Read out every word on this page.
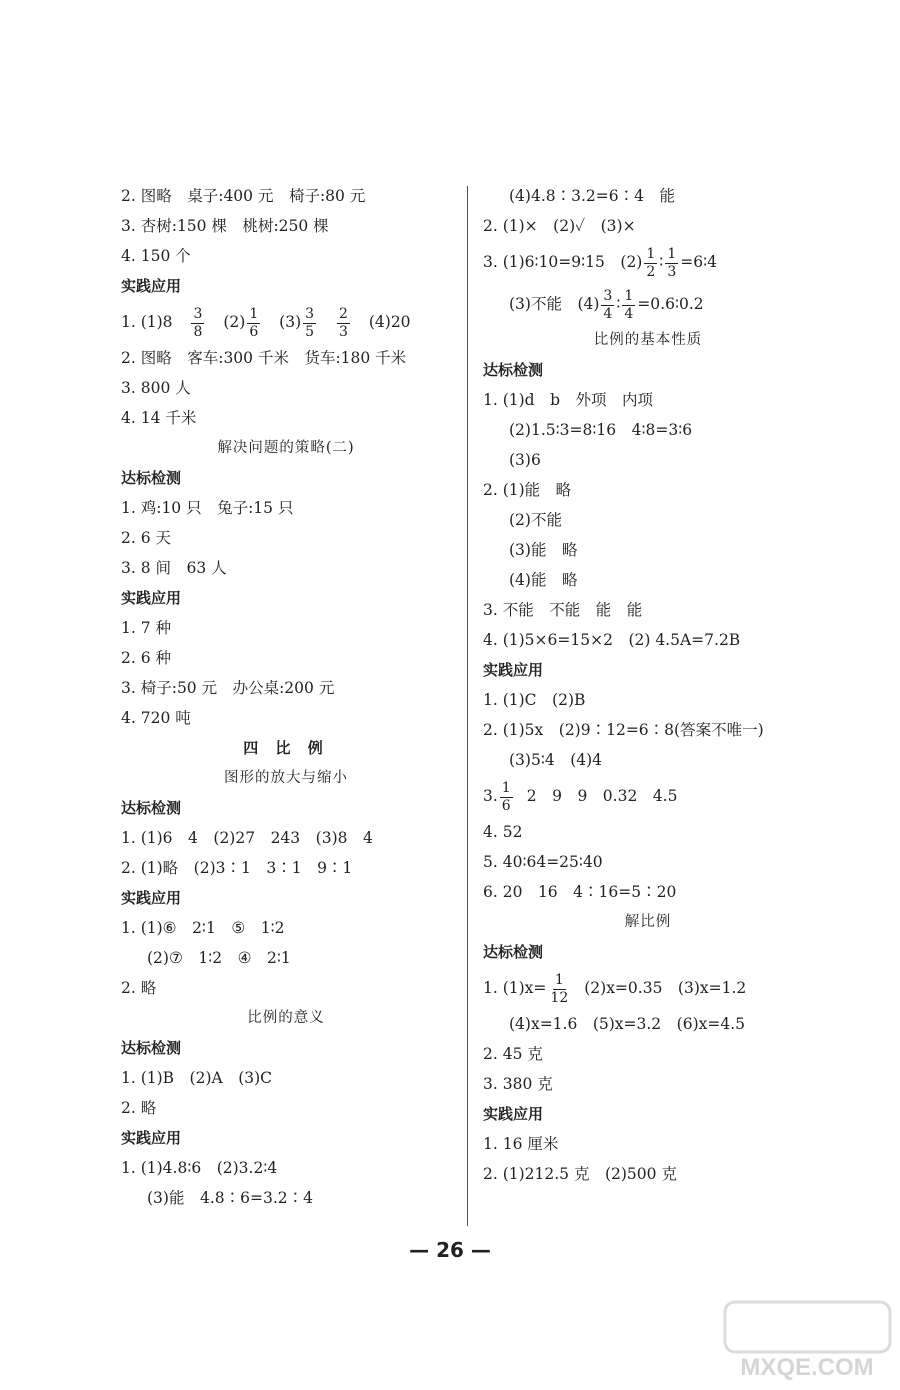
2. 图略　桌子:400 元　椅子:80 元
3. 杏树:150 棵　桃树:250 棵
4. 150 个
实践应用
1. $(1)8 \frac{3}{8} (2) \frac{1}{6} (3) \frac{3}{5}$
$\frac{2}{3} (4)20$
2. 图略　客车:300 千米　货车:180 千米
3. 800 人
4. 14 千米
解决问题的策略(二)
达标检测
1. 鸡:10 只　兔子:15 只
2. 6 天
3. 8 间　63 人
实践应用
1. 7 种
2. 6 种
3. 椅子:50 元　办公桌:200 元
4. 720 吨
四 比 例
图形的放大与缩小
达标检测
1. (1)6　4　(2)27　243　(3)8　4
2. (1)略　(2)3∶1　3∶1　9∶1
实践应用
1. (1)⑥　2∶1　⑤　1∶2
(2)⑦　1∶2　④　2∶1
2. 略
比例的意义
达标检测
1. (1)B　(2)A　(3)C
2. 略
实践应用
1. (1)4.8∶6　(2)3.2∶4
(3)能　4.8∶6=3.2∶4
(4)4.8∶3.2=6∶4　能
2. (1)×　(2)✓　(3)×
3. (1)6∶10=9∶15　$(2) \frac{1}{2}$ ∶ $\frac{1}{3}$ =6∶4
(3)不能　$(4) \frac{3}{4}$ ∶ $\frac{1}{4}$ =0.6∶0.2
比例的基本性质
达标检测
1. (1)d　b　外项　内项
(2)1.5∶3=8∶16　4∶8=3∶6
(3)6
2. (1)能　略
(2)不能
(3)能　略
(4)能　略
3. 不能　不能　能　能
4. (1)5×6=15×2　(2) 4.5A=7.2B
实践应用
1. (1)C　(2)B
2. (1)5x　(2)9∶12=6∶8(答案不唯一)
(3)5∶4　(4)4
3. $\frac{1}{6} 2$　9　9　0.32　4.5
4. 52
5. 40∶64=25∶40
6. 20　16　4∶16=5∶20
解比例
达标检测
1. $(1)x= \frac{1}{12} (2)x=0.35$　(3)x=1.2
(4)x=1.6　(5)x=3.2　(6)x=4.5
2. 45 克
3. 380 克
实践应用
1. 16 厘米
2. (1)212.5 克　(2)500 克
— 26 —
MXQE.COM
